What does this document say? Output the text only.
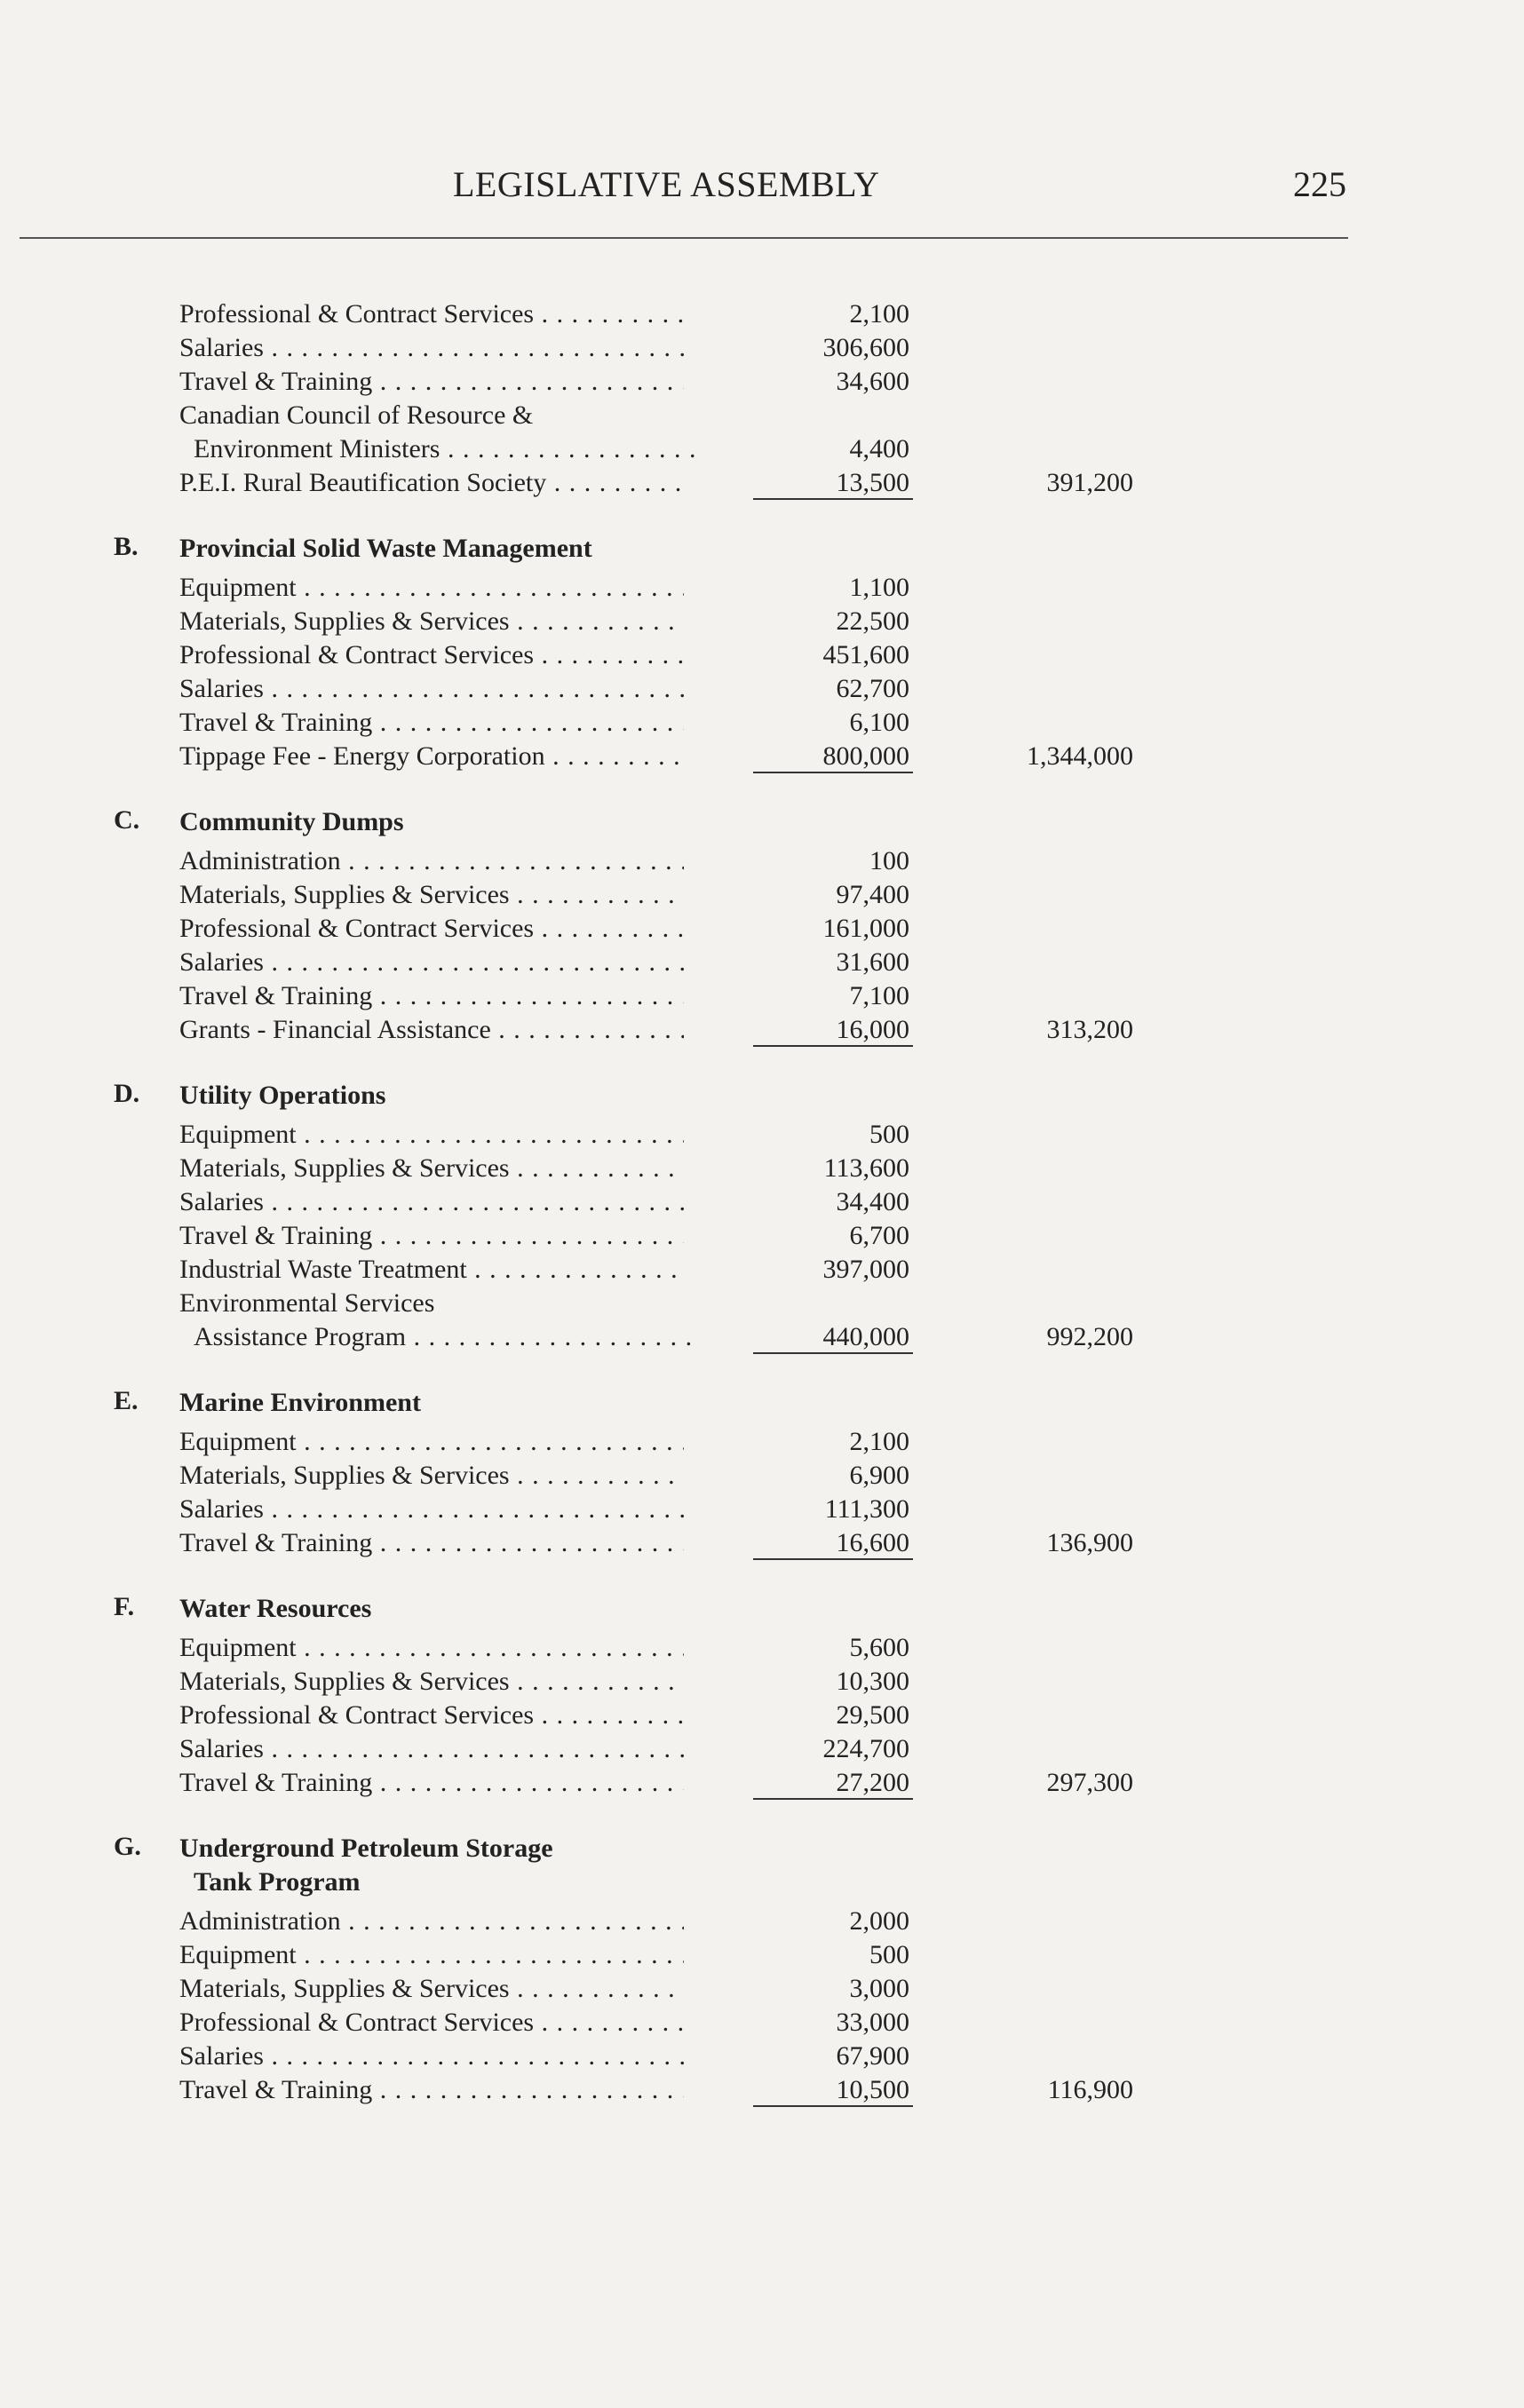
LEGISLATIVE ASSEMBLY	225
Professional & Contract Services . . .	2,100
Salaries . . .	306,600
Travel & Training . . .	34,600
Canadian Council of Resource &
Environment Ministers . . .	4,400
P.E.I. Rural Beautification Society . . .	13,500	391,200
B. Provincial Solid Waste Management
Equipment . . .	1,100
Materials, Supplies & Services . . .	22,500
Professional & Contract Services . . .	451,600
Salaries . . .	62,700
Travel & Training . . .	6,100
Tippage Fee - Energy Corporation . . .	800,000	1,344,000
C. Community Dumps
Administration . . .	100
Materials, Supplies & Services . . .	97,400
Professional & Contract Services . . .	161,000
Salaries . . .	31,600
Travel & Training . . .	7,100
Grants - Financial Assistance . . .	16,000	313,200
D. Utility Operations
Equipment . . .	500
Materials, Supplies & Services . . .	113,600
Salaries . . .	34,400
Travel & Training . . .	6,700
Industrial Waste Treatment . . .	397,000
Environmental Services
Assistance Program . . .	440,000	992,200
E. Marine Environment
Equipment . . .	2,100
Materials, Supplies & Services . . .	6,900
Salaries . . .	111,300
Travel & Training . . .	16,600	136,900
F. Water Resources
Equipment . . .	5,600
Materials, Supplies & Services . . .	10,300
Professional & Contract Services . . .	29,500
Salaries . . .	224,700
Travel & Training . . .	27,200	297,300
G. Underground Petroleum Storage
Tank Program
Administration . . .	2,000
Equipment . . .	500
Materials, Supplies & Services . . .	3,000
Professional & Contract Services . . .	33,000
Salaries . . .	67,900
Travel & Training . . .	10,500	116,900
